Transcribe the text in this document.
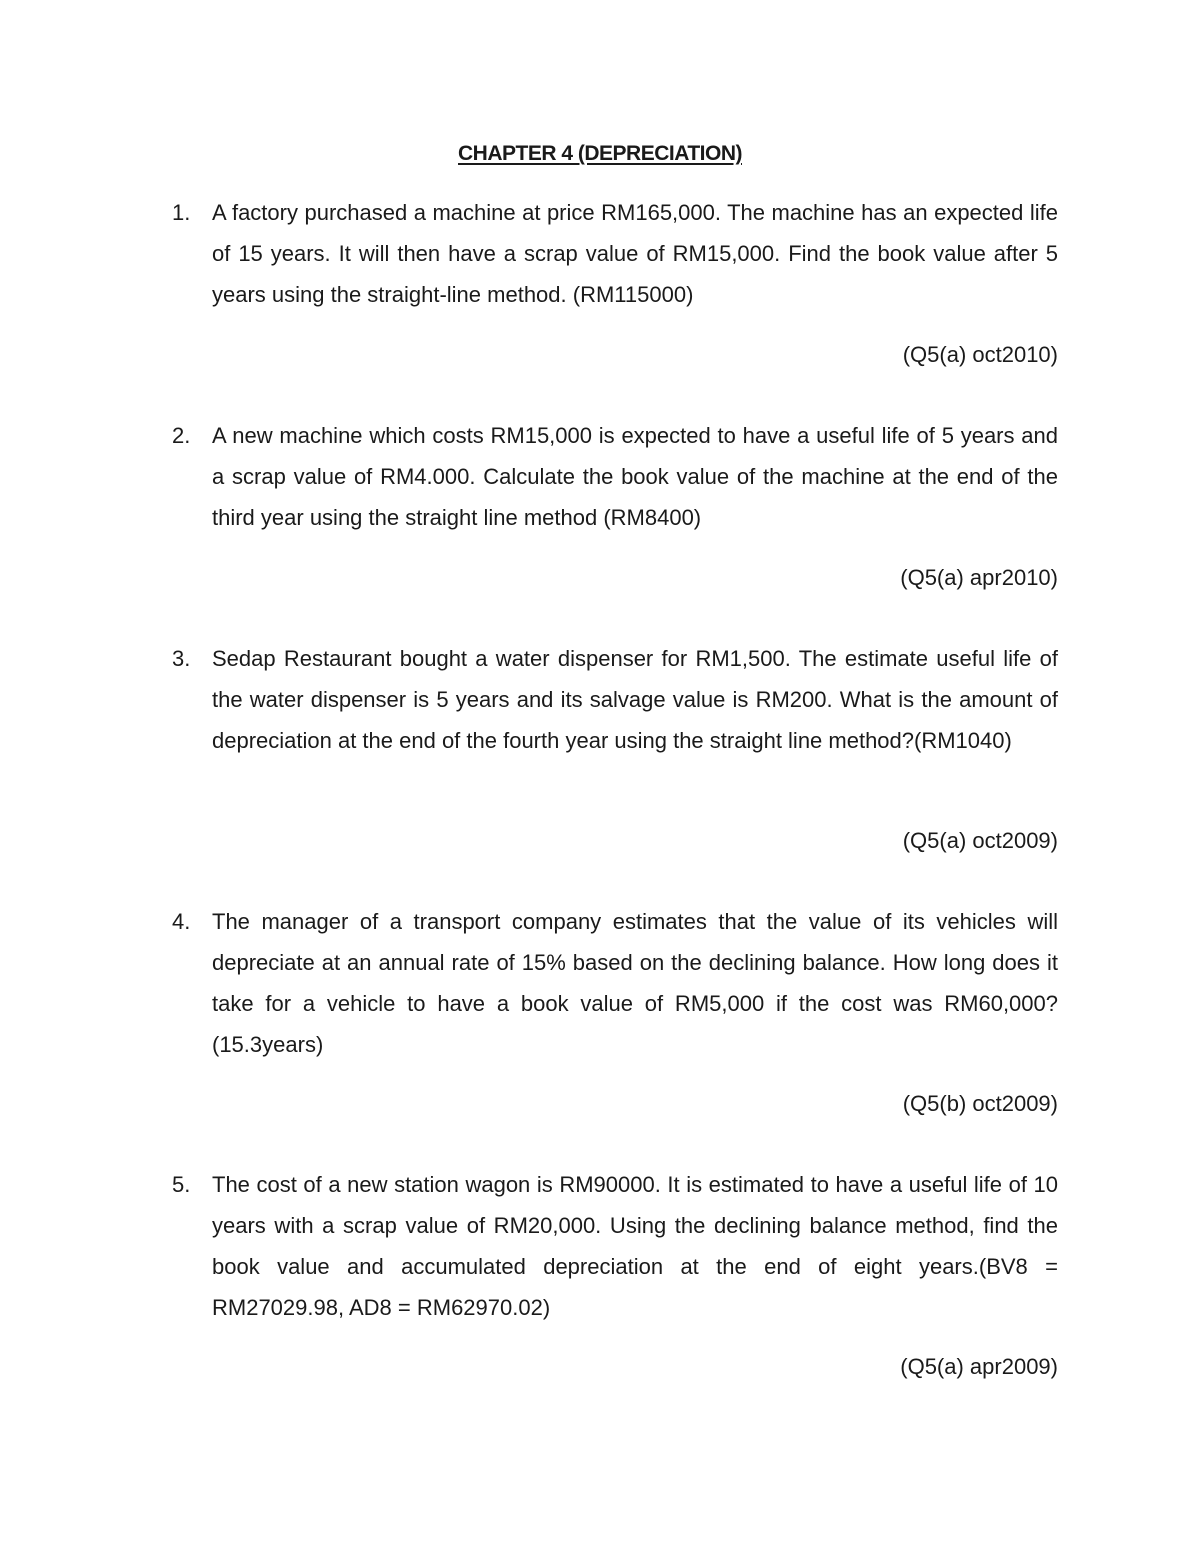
CHAPTER 4 (DEPRECIATION)
1. A factory purchased a machine at price RM165,000. The machine has an expected life of 15 years. It will then have a scrap value of RM15,000. Find the book value after 5 years using the straight-line method. (RM115000)
(Q5(a) oct2010)
2. A new machine which costs RM15,000 is expected to have a useful life of 5 years and a scrap value of RM4.000. Calculate the book value of the machine at the end of the third year using the straight line method (RM8400)
(Q5(a) apr2010)
3. Sedap Restaurant bought a water dispenser for RM1,500. The estimate useful life of the water dispenser is 5 years and its salvage value is RM200. What is the amount of depreciation at the end of the fourth year using the straight line method?(RM1040)
(Q5(a) oct2009)
4. The manager of a transport company estimates that the value of its vehicles will depreciate at an annual rate of 15% based on the declining balance. How long does it take for a vehicle to have a book value of RM5,000 if the cost was RM60,000?(15.3years)
(Q5(b) oct2009)
5. The cost of a new station wagon is RM90000. It is estimated to have a useful life of 10 years with a scrap value of RM20,000. Using the declining balance method, find the book value and accumulated depreciation at the end of eight years.(BV8 = RM27029.98, AD8 = RM62970.02)
(Q5(a) apr2009)
